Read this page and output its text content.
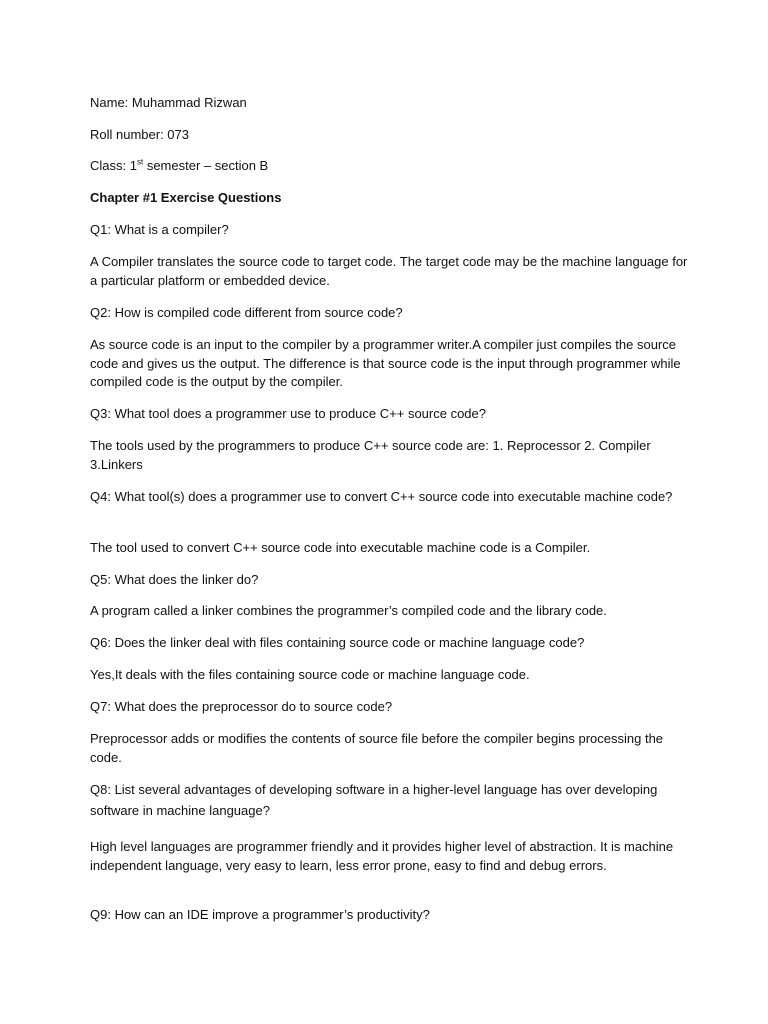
Name: Muhammad Rizwan

Roll number: 073

Class: 1st semester – section B

Chapter #1 Exercise Questions

Q1: What is a compiler?

A Compiler translates the source code to target code. The target code may be the machine language for a particular platform or embedded device.

Q2: How is compiled code different from source code?

As source code is an input to the compiler by a programmer writer.A compiler just compiles the source code and gives us the output. The difference is that source code is the input through programmer while compiled code is the output by the compiler.

Q3: What tool does a programmer use to produce C++ source code?

The tools used by the programmers to produce C++ source code are: 1. Reprocessor 2. Compiler 3.Linkers

Q4: What tool(s) does a programmer use to convert C++ source code into executable machine code?

The tool used to convert C++ source code into executable machine code is a Compiler.

Q5: What does the linker do?

A program called a linker combines the programmer’s compiled code and the library code.

Q6: Does the linker deal with files containing source code or machine language code?

Yes,It deals with the files containing source code or machine language code.

Q7: What does the preprocessor do to source code?

Preprocessor adds or modifies the contents of source file before the compiler begins processing the code.

Q8: List several advantages of developing software in a higher-level language has over developing software in machine language?

High level languages are programmer friendly and it provides higher level of abstraction. It is machine independent language, very easy to learn, less error prone, easy to find and debug errors.

Q9: How can an IDE improve a programmer’s productivity?
